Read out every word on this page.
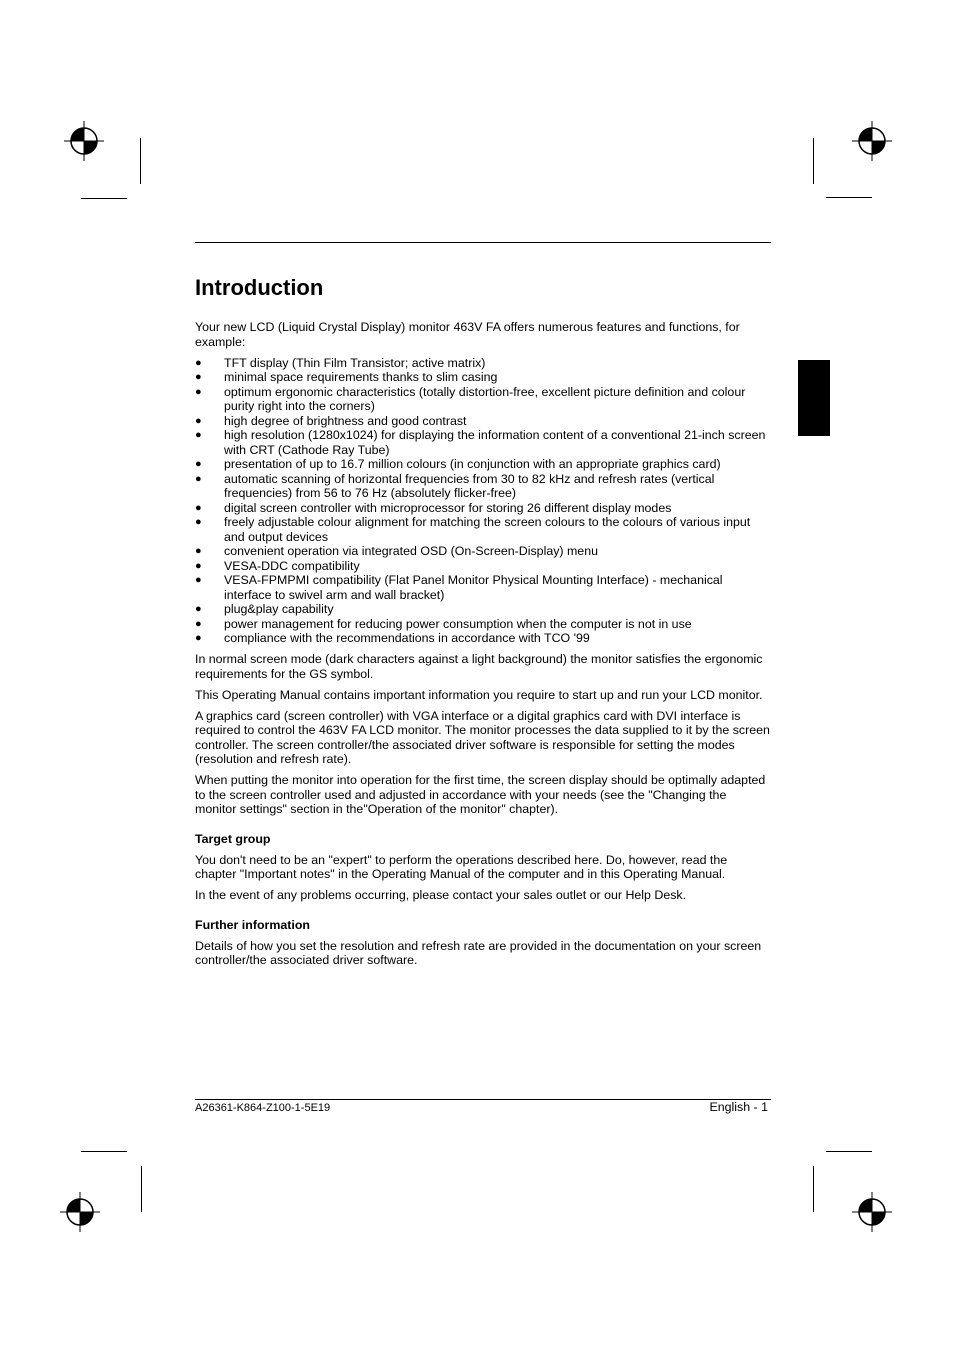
Introduction

Your new LCD (Liquid Crystal Display) monitor 463V FA offers numerous features and functions, for example:

● TFT display (Thin Film Transistor; active matrix)
● minimal space requirements thanks to slim casing
● optimum ergonomic characteristics (totally distortion-free, excellent picture definition and colour purity right into the corners)
● high degree of brightness and good contrast
● high resolution (1280x1024) for displaying the information content of a conventional 21-inch screen with CRT (Cathode Ray Tube)
● presentation of up to 16.7 million colours (in conjunction with an appropriate graphics card)
● automatic scanning of horizontal frequencies from 30 to 82 kHz and refresh rates (vertical frequencies) from 56 to 76 Hz (absolutely flicker-free)
● digital screen controller with microprocessor for storing 26 different display modes
● freely adjustable colour alignment for matching the screen colours to the colours of various input and output devices
● convenient operation via integrated OSD (On-Screen-Display) menu
● VESA-DDC compatibility
● VESA-FPMPMI compatibility (Flat Panel Monitor Physical Mounting Interface) - mechanical interface to swivel arm and wall bracket)
● plug&play capability
● power management for reducing power consumption when the computer is not in use
● compliance with the recommendations in accordance with TCO '99

In normal screen mode (dark characters against a light background) the monitor satisfies the ergonomic requirements for the GS symbol.

This Operating Manual contains important information you require to start up and run your LCD monitor.

A graphics card (screen controller) with VGA interface or a digital graphics card with DVI interface is required to control the 463V FA LCD monitor. The monitor processes the data supplied to it by the screen controller. The screen controller/the associated driver software is responsible for setting the modes (resolution and refresh rate).

When putting the monitor into operation for the first time, the screen display should be optimally adapted to the screen controller used and adjusted in accordance with your needs (see the "Changing the monitor settings" section in the"Operation of the monitor" chapter).

Target group

You don't need to be an "expert" to perform the operations described here. Do, however, read the chapter "Important notes" in the Operating Manual of the computer and in this Operating Manual.

In the event of any problems occurring, please contact your sales outlet or our Help Desk.

Further information

Details of how you set the resolution and refresh rate are provided in the documentation on your screen controller/the associated driver software.

A26361-K864-Z100-1-5E19	English - 1
